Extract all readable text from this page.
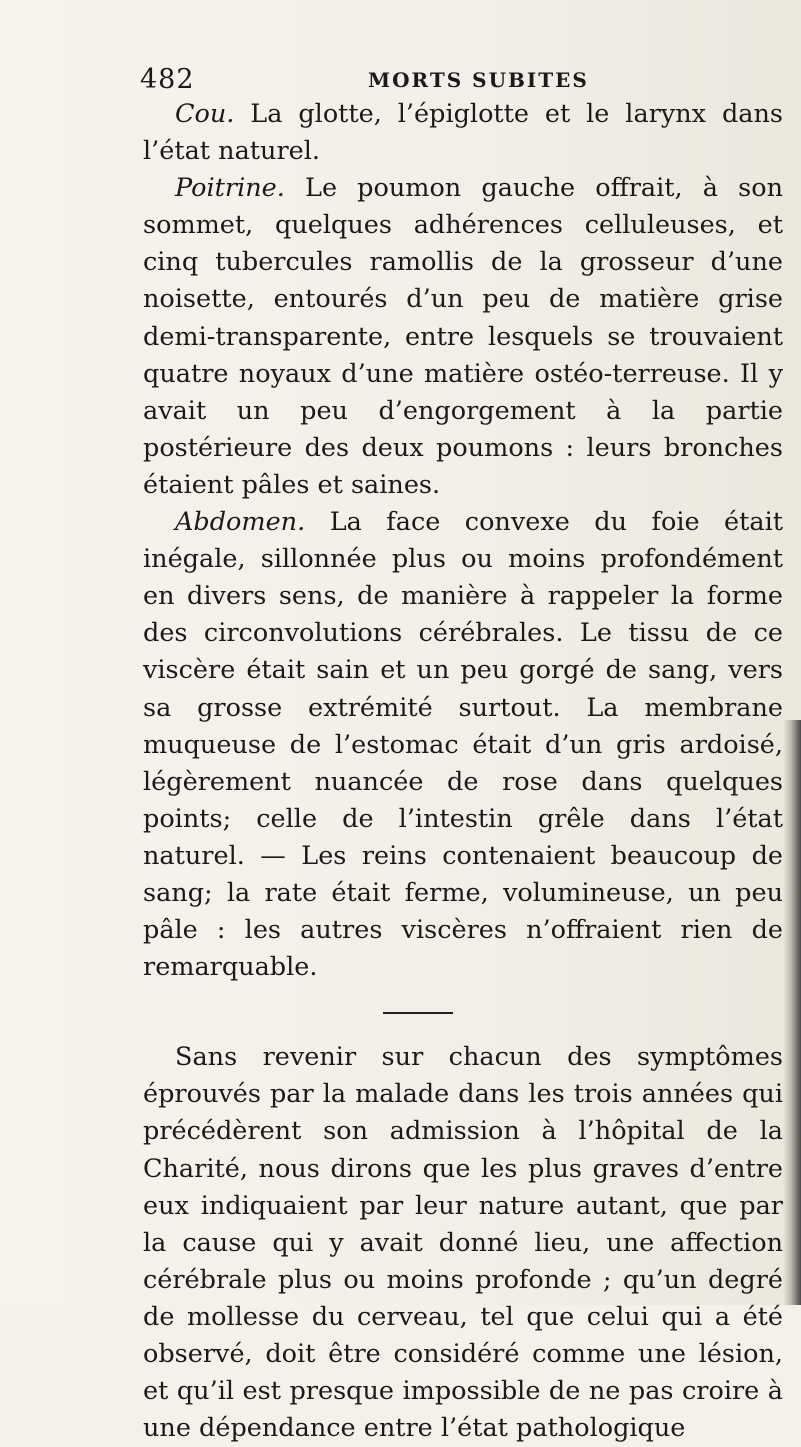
482	MORTS SUBITES

Cou. La glotte, l’épiglotte et le larynx dans l’état naturel.

Poitrine. Le poumon gauche offrait, à son sommet, quelques adhérences celluleuses, et cinq tubercules ramollis de la grosseur d’une noisette, entourés d’un peu de matière grise demi-transparente, entre lesquels se trouvaient quatre noyaux d’une matière ostéo-terreuse. Il y avait un peu d’engorgement à la partie postérieure des deux poumons : leurs bronches étaient pâles et saines.

Abdomen. La face convexe du foie était inégale, sillonnée plus ou moins profondément en divers sens, de manière à rappeler la forme des circonvolutions cérébrales. Le tissu de ce viscère était sain et un peu gorgé de sang, vers sa grosse extrémité surtout. La membrane muqueuse de l’estomac était d’un gris ardoisé, légèrement nuancée de rose dans quelques points; celle de l’intestin grêle dans l’état naturel. — Les reins contenaient beaucoup de sang; la rate était ferme, volumineuse, un peu pâle : les autres viscères n’offraient rien de remarquable.

Sans revenir sur chacun des symptômes éprouvés par la malade dans les trois années qui précédèrent son admission à l’hôpital de la Charité, nous dirons que les plus graves d’entre eux indiquaient par leur nature autant, que par la cause qui y avait donné lieu, une affection cérébrale plus ou moins profonde ; qu’un degré de mollesse du cerveau, tel que celui qui a été observé, doit être considéré comme une lésion, et qu’il est presque impossible de ne pas croire à une dépendance entre l’état pathologique
